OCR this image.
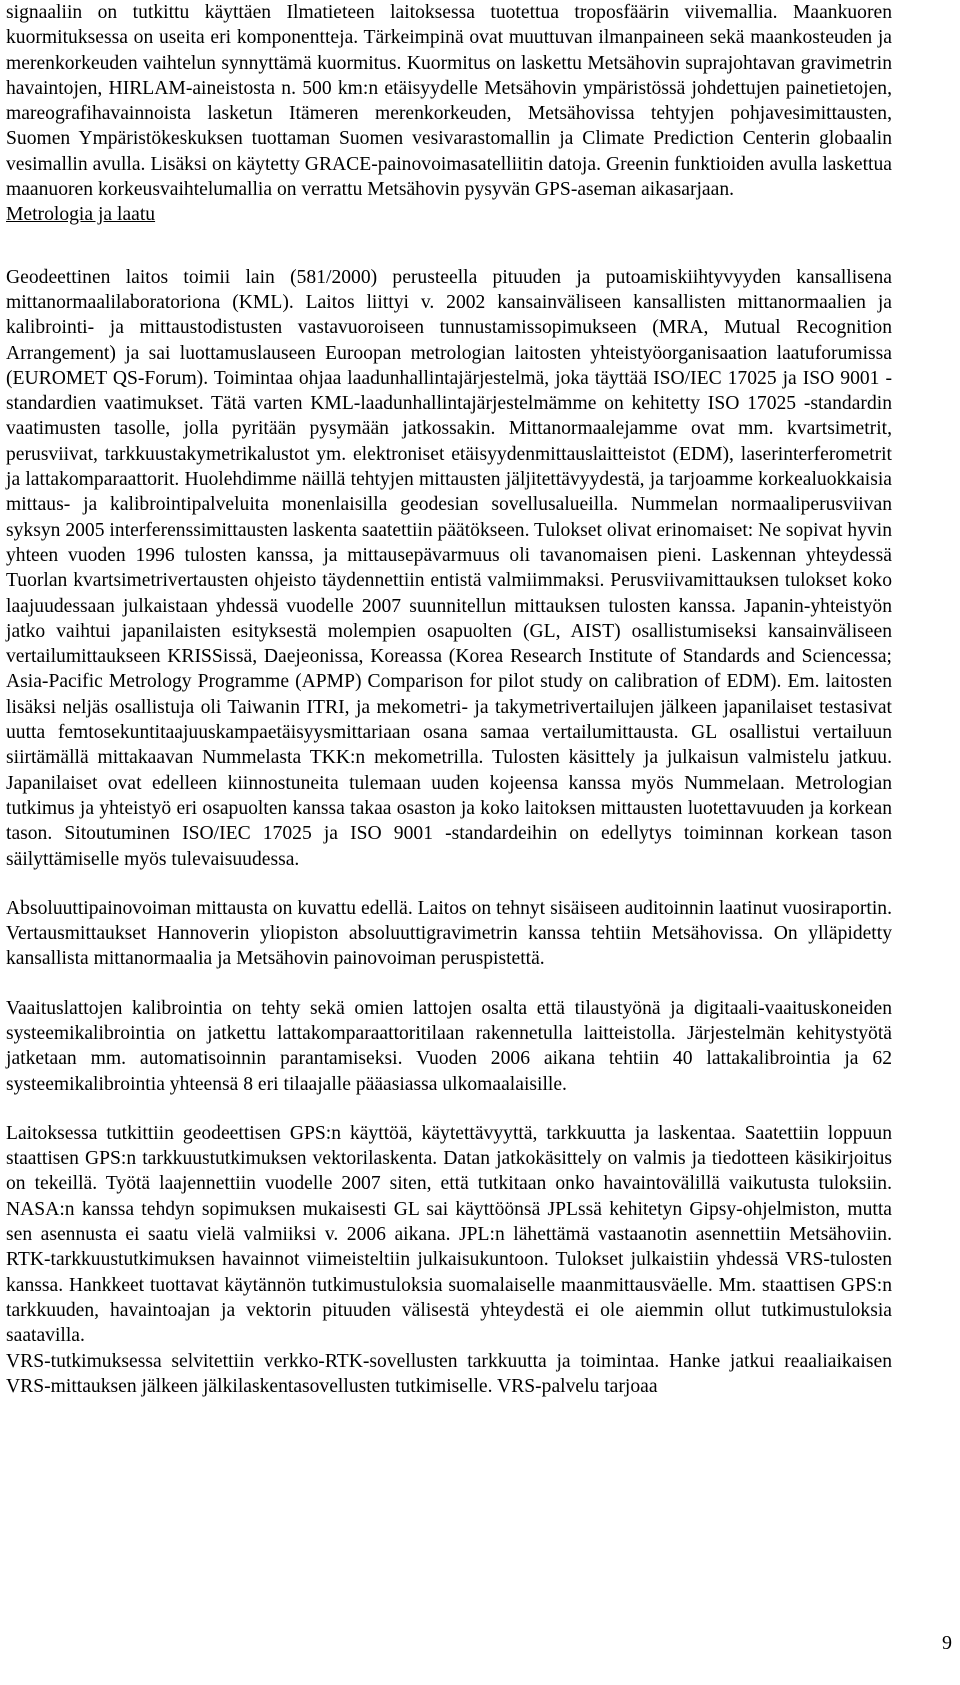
signaaliin on tutkittu käyttäen Ilmatieteen laitoksessa tuotettua troposfäärin viivemallia. Maankuoren kuormituksessa on useita eri komponentteja. Tärkeimpinä ovat muuttuvan ilmanpaineen sekä maankosteuden ja merenkorkeuden vaihtelun synnyttämä kuormitus. Kuormitus on laskettu Metsähovin suprajohtavan gravimetrin havaintojen, HIRLAM-aineistosta n. 500 km:n etäisyydelle Metsähovin ympäristössä johdettujen painetietojen, mareografihavainnoista lasketun Itämeren merenkorkeuden, Metsähovissa tehtyjen pohjavesimittausten, Suomen Ympäristökeskuksen tuottaman Suomen vesivarastomallin ja Climate Prediction Centerin globaalin vesimallin avulla. Lisäksi on käytetty GRACE-painovoimasatelliitin datoja. Greenin funktioiden avulla laskettua maanuoren korkeusvaihtelumallia on verrattu Metsähovin pysyvän GPS-aseman aikasarjaan.

Metrologia ja laatu

Geodeettinen laitos toimii lain (581/2000) perusteella pituuden ja putoamiskiihtyvyyden kansallisena mittanormaalilaboratoriona (KML). Laitos liittyi v. 2002 kansainväliseen kansallisten mittanormaalien ja kalibrointi- ja mittaustodistusten vastavuoroiseen tunnustamissopimukseen (MRA, Mutual Recognition Arrangement) ja sai luottamuslauseen Euroopan metrologian laitosten yhteistyöorganisaation laatuforumissa (EUROMET QS-Forum). Toimintaa ohjaa laadunhallintajärjestelmä, joka täyttää ISO/IEC 17025 ja ISO 9001 -standardien vaatimukset. Tätä varten KML-laadunhallintajärjestelmämme on kehitetty ISO 17025 -standardin vaatimusten tasolle, jolla pyritään pysymään jatkossakin. Mittanormaalejamme ovat mm. kvartsimetrit, perusviivat, tarkkuustakymetrikalustot ym. elektroniset etäisyydenmittauslaitteistot (EDM), laserinterferometrit ja lattakomparaattorit. Huolehdimme näillä tehtyjen mittausten jäljitettävyydestä, ja tarjoamme korkealuokkaisia mittaus- ja kalibrointipalveluita monenlaisilla geodesian sovellusalueilla. Nummelan normaaliperusviivan syksyn 2005 interferenssimittausten laskenta saatettiin päätökseen. Tulokset olivat erinomaiset: Ne sopivat hyvin yhteen vuoden 1996 tulosten kanssa, ja mittausepävarmuus oli tavanomaisen pieni. Laskennan yhteydessä Tuorlan kvartsimetrivertausten ohjeisto täydennettiin entistä valmiimmaksi. Perusviivamittauksen tulokset koko laajuudessaan julkaistaan yhdessä vuodelle 2007 suunnitellun mittauksen tulosten kanssa. Japanin-yhteistyön jatko vaihtui japanilaisten esityksestä molempien osapuolten (GL, AIST) osallistumiseksi kansainväliseen vertailumittaukseen KRISSissä, Daejeonissa, Koreassa (Korea Research Institute of Standards and Sciencessa; Asia-Pacific Metrology Programme (APMP) Comparison for pilot study on calibration of EDM). Em. laitosten lisäksi neljäs osallistuja oli Taiwanin ITRI, ja mekometri- ja takymetrivertailujen jälkeen japanilaiset testasivat uutta femtosekuntitaajuuskampaetäisyysmittariaan osana samaa vertailumittausta. GL osallistui vertailuun siirtämällä mittakaavan Nummelasta TKK:n mekometrilla. Tulosten käsittely ja julkaisun valmistelu jatkuu. Japanilaiset ovat edelleen kiinnostuneita tulemaan uuden kojeensa kanssa myös Nummelaan. Metrologian tutkimus ja yhteistyö eri osapuolten kanssa takaa osaston ja koko laitoksen mittausten luotettavuuden ja korkean tason. Sitoutuminen ISO/IEC 17025 ja ISO 9001 -standardeihin on edellytys toiminnan korkean tason säilyttämiselle myös tulevaisuudessa.

Absoluuttipainovoiman mittausta on kuvattu edellä. Laitos on tehnyt sisäiseen auditoinnin laatinut vuosiraportin. Vertausmittaukset Hannoverin yliopiston absoluuttigravimetrin kanssa tehtiin Metsähovissa. On ylläpidetty kansallista mittanormaalia ja Metsähovin painovoiman peruspistettä.

Vaaituslattojen kalibrointia on tehty sekä omien lattojen osalta että tilaustyönä ja digitaali-vaaituskoneiden systeemikalibrointia on jatkettu lattakomparaattoritilaan rakennetulla laitteistolla. Järjestelmän kehitystyötä jatketaan mm. automatisoinnin parantamiseksi. Vuoden 2006 aikana tehtiin 40 lattakalibrointia ja 62 systeemikalibrointia yhteensä 8 eri tilaajalle pääasiassa ulkomaalaisille.

Laitoksessa tutkittiin geodeettisen GPS:n käyttöä, käytettävyyttä, tarkkuutta ja laskentaa. Saatettiin loppuun staattisen GPS:n tarkkuustutkimuksen vektorilaskenta. Datan jatkokäsittely on valmis ja tiedotteen käsikirjoitus on tekeillä. Työtä laajennettiin vuodelle 2007 siten, että tutkitaan onko havaintovälillä vaikutusta tuloksiin. NASA:n kanssa tehdyn sopimuksen mukaisesti GL sai käyttöönsä JPLssä kehitetyn Gipsy-ohjelmiston, mutta sen asennusta ei saatu vielä valmiiksi v. 2006 aikana. JPL:n lähettämä vastaanotin asennettiin Metsähoviin. RTK-tarkkuustutkimuksen havainnot viimeisteltiin julkaisukuntoon. Tulokset julkaistiin yhdessä VRS-tulosten kanssa. Hankkeet tuottavat käytännön tutkimustuloksia suomalaiselle maanmittausväelle. Mm. staattisen GPS:n tarkkuuden, havaintoajan ja vektorin pituuden välisestä yhteydestä ei ole aiemmin ollut tutkimustuloksia saatavilla.

VRS-tutkimuksessa selvitettiin verkko-RTK-sovellusten tarkkuutta ja toimintaa. Hanke jatkui reaaliaikaisen VRS-mittauksen jälkeen jälkilaskentasovellusten tutkimiselle. VRS-palvelu tarjoaa

9
